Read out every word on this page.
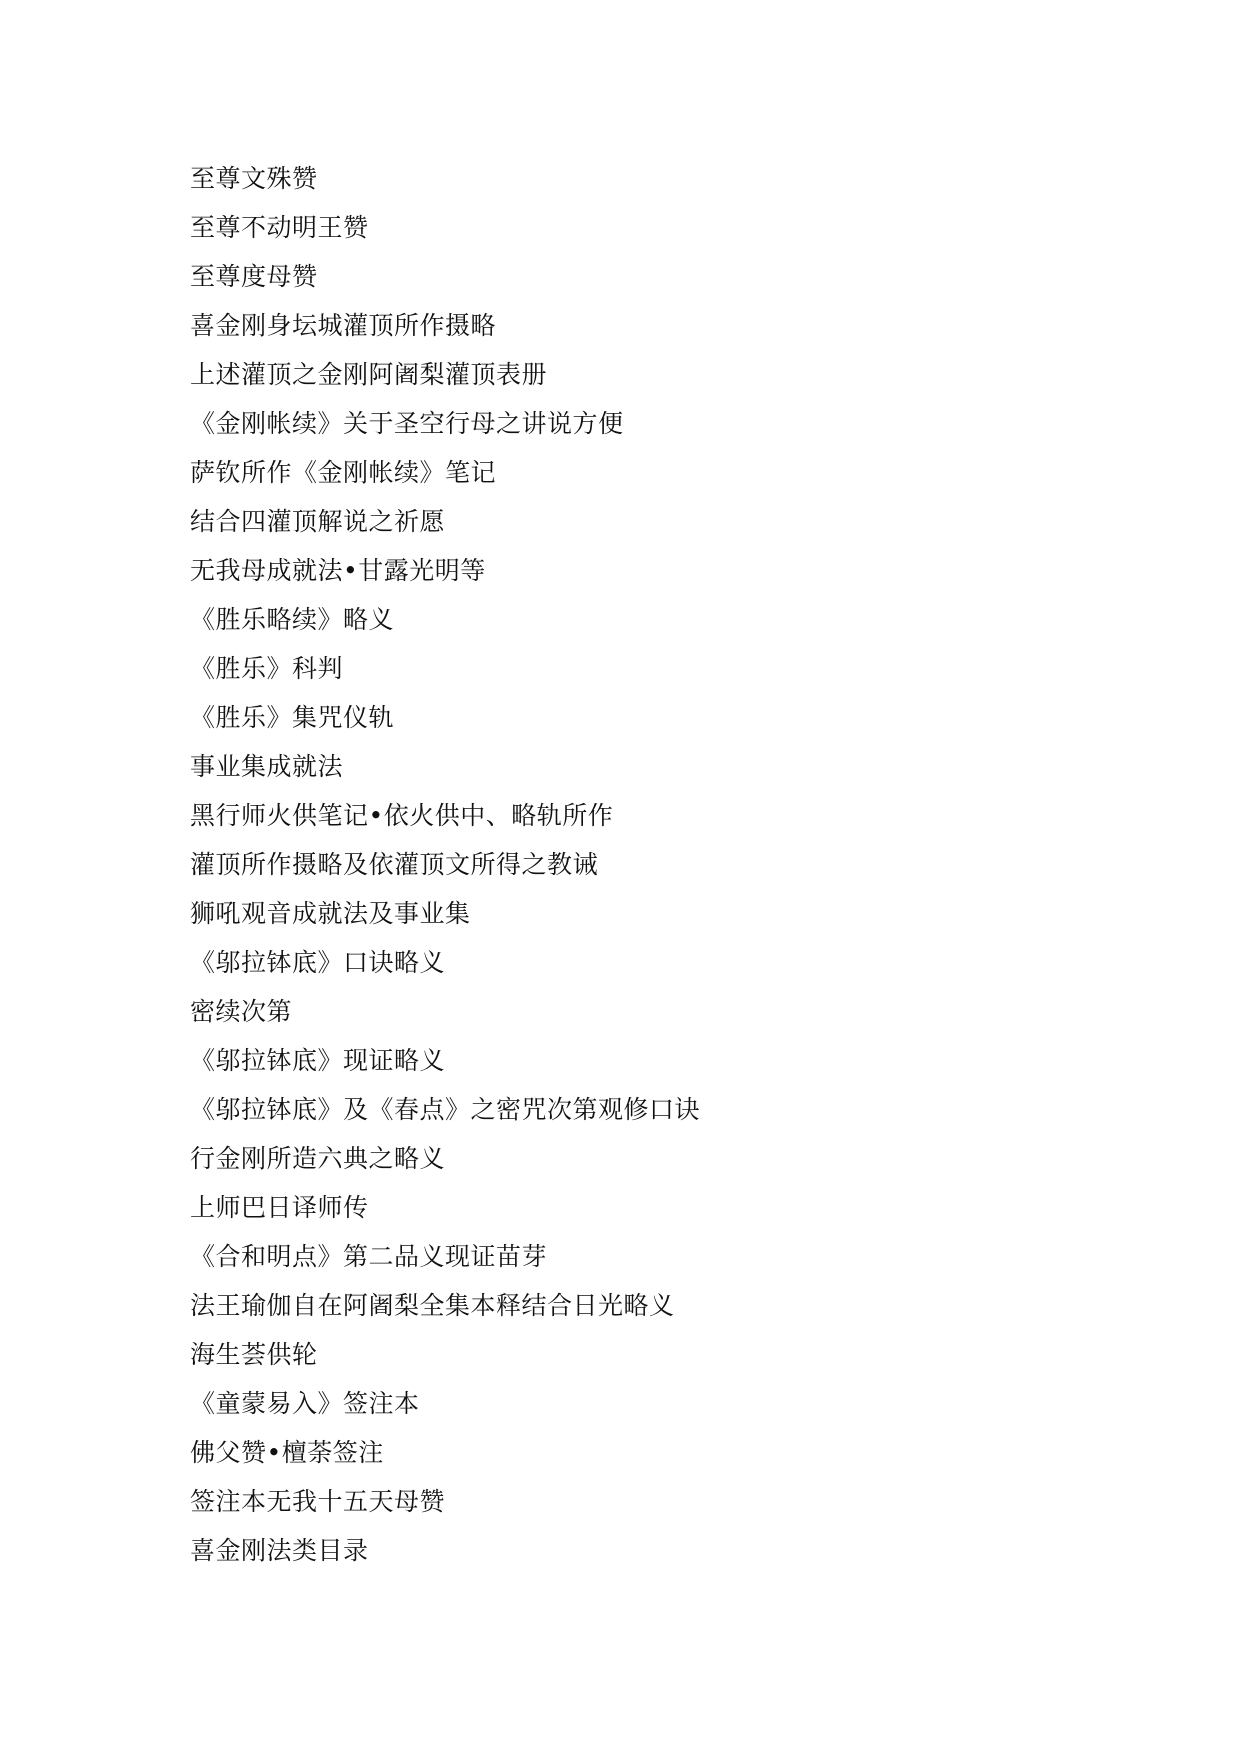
至尊文殊赞
至尊不动明王赞
至尊度母赞
喜金刚身坛城灌顶所作摄略
上述灌顶之金刚阿阇梨灌顶表册
《金刚帐续》关于圣空行母之讲说方便
萨钦所作《金刚帐续》笔记
结合四灌顶解说之祈愿
无我母成就法•甘露光明等
《胜乐略续》略义
《胜乐》科判
《胜乐》集咒仪轨
事业集成就法
黑行师火供笔记•依火供中、略轨所作
灌顶所作摄略及依灌顶文所得之教诫
狮吼观音成就法及事业集
《邬拉钵底》口诀略义
密续次第
《邬拉钵底》现证略义
《邬拉钵底》及《春点》之密咒次第观修口诀
行金刚所造六典之略义
上师巴日译师传
《合和明点》第二品义现证苗芽
法王瑜伽自在阿阇梨全集本释结合日光略义
海生荟供轮
《童蒙易入》签注本
佛父赞•檀荼签注
签注本无我十五天母赞
喜金刚法类目录
